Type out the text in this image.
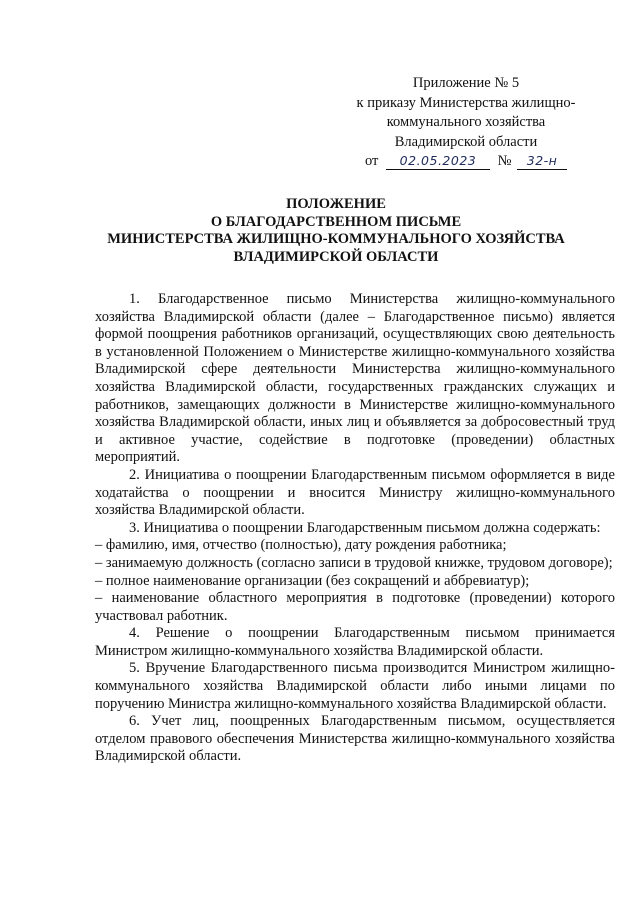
Приложение № 5
к приказу Министерства жилищно-
коммунального хозяйства
Владимирской области
от 02.05.2023 № 32-н
ПОЛОЖЕНИЕ
О БЛАГОДАРСТВЕННОМ ПИСЬМЕ
МИНИСТЕРСТВА ЖИЛИЩНО-КОММУНАЛЬНОГО ХОЗЯЙСТВА
ВЛАДИМИРСКОЙ ОБЛАСТИ

1. Благодарственное письмо Министерства жилищно-коммунального хозяйства Владимирской области (далее – Благодарственное письмо) является формой поощрения работников организаций, осуществляющих свою деятельность в установленной Положением о Министерстве жилищно-коммунального хозяйства Владимирской сфере деятельности Министерства жилищно-коммунального хозяйства Владимирской области, государственных гражданских служащих и работников, замещающих должности в Министерстве жилищно-коммунального хозяйства Владимирской области, иных лиц и объявляется за добросовестный труд и активное участие, содействие в подготовке (проведении) областных мероприятий.

2. Инициатива о поощрении Благодарственным письмом оформляется в виде ходатайства о поощрении и вносится Министру жилищно-коммунального хозяйства Владимирской области.

3. Инициатива о поощрении Благодарственным письмом должна содержать:

– фамилию, имя, отчество (полностью), дату рождения работника;

– занимаемую должность (согласно записи в трудовой книжке, трудовом договоре);

– полное наименование организации (без сокращений и аббревиатур);

– наименование областного мероприятия в подготовке (проведении) которого участвовал работник.

4. Решение о поощрении Благодарственным письмом принимается Министром жилищно-коммунального хозяйства Владимирской области.

5. Вручение Благодарственного письма производится Министром жилищно-коммунального хозяйства Владимирской области либо иными лицами по поручению Министра жилищно-коммунального хозяйства Владимирской области.

6. Учет лиц, поощренных Благодарственным письмом, осуществляется отделом правового обеспечения Министерства жилищно-коммунального хозяйства Владимирской области.
